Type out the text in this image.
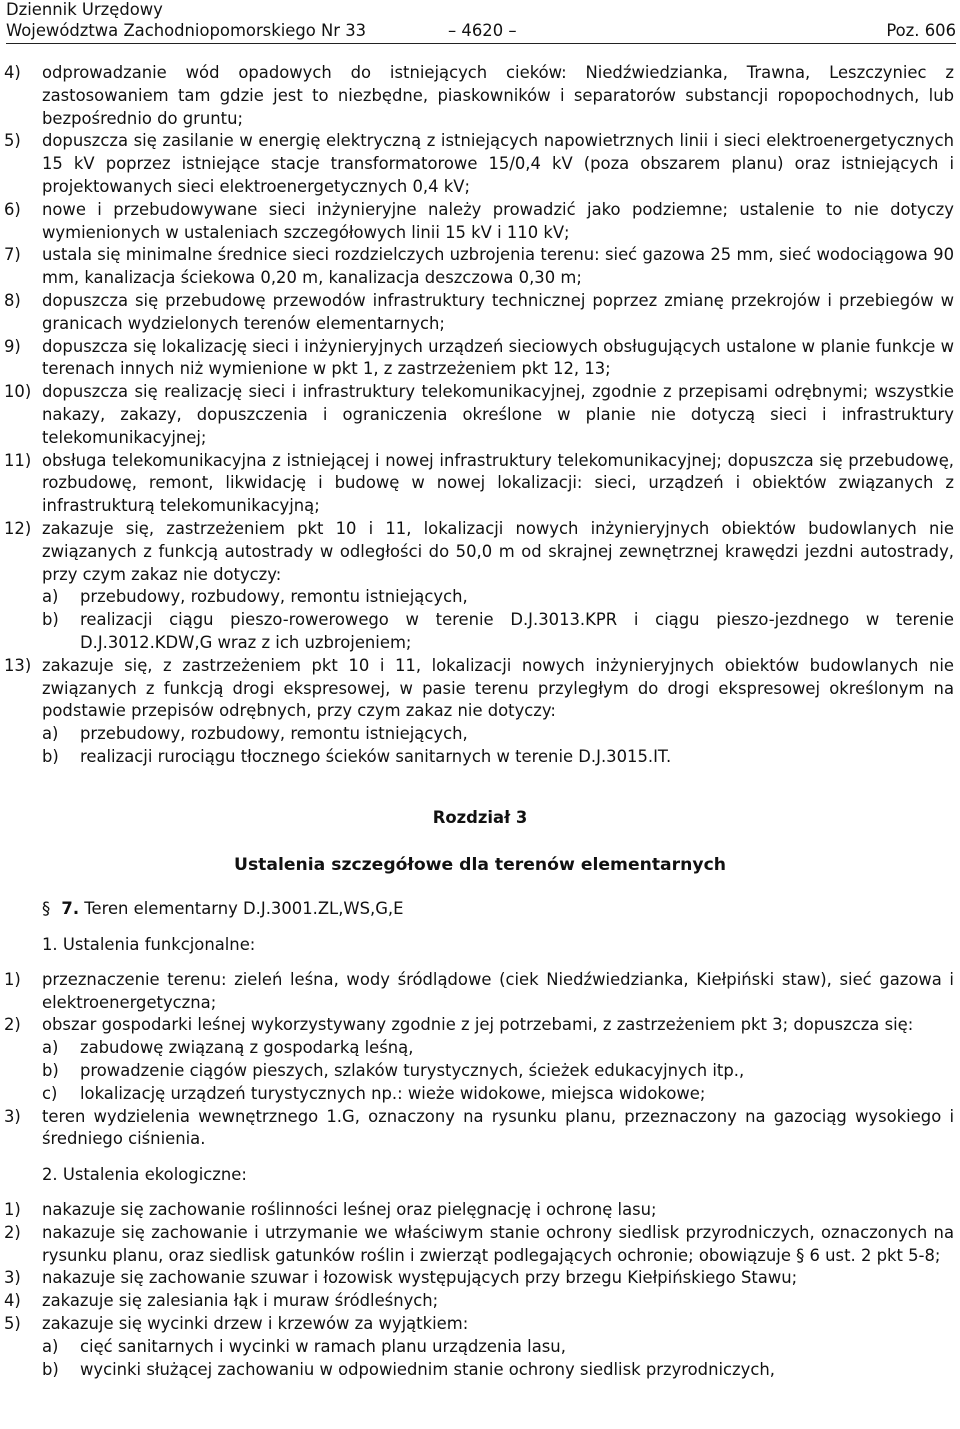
Dziennik Urzędowy
Województwa Zachodniopomorskiego Nr 33	– 4620 –	Poz. 606
4) odprowadzanie wód opadowych do istniejących cieków: Niedźwiedzianka, Trawna, Leszczyniec z zastosowaniem tam gdzie jest to niezbędne, piaskowników i separatorów substancji ropopochodnych, lub bezpośrednio do gruntu;
5) dopuszcza się zasilanie w energię elektryczną z istniejących napowietrznych linii i sieci elektroenergetycznych 15 kV poprzez istniejące stacje transformatorowe 15/0,4 kV (poza obszarem planu) oraz istniejących i projektowanych sieci elektroenergetycznych 0,4 kV;
6) nowe i przebudowywane sieci inżynieryjne należy prowadzić jako podziemne; ustalenie to nie dotyczy wymienionych w ustaleniach szczegółowych linii 15 kV i 110 kV;
7) ustala się minimalne średnice sieci rozdzielczych uzbrojenia terenu: sieć gazowa 25 mm, sieć wodociągowa 90 mm, kanalizacja ściekowa 0,20 m, kanalizacja deszczowa 0,30 m;
8) dopuszcza się przebudowę przewodów infrastruktury technicznej poprzez zmianę przekrojów i przebiegów w granicach wydzielonych terenów elementarnych;
9) dopuszcza się lokalizację sieci i inżynieryjnych urządzeń sieciowych obsługujących ustalone w planie funkcje w terenach innych niż wymienione w pkt 1, z zastrzeżeniem pkt 12, 13;
10) dopuszcza się realizację sieci i infrastruktury telekomunikacyjnej, zgodnie z przepisami odrębnymi; wszystkie nakazy, zakazy, dopuszczenia i ograniczenia określone w planie nie dotyczą sieci i infrastruktury telekomunikacyjnej;
11) obsługa telekomunikacyjna z istniejącej i nowej infrastruktury telekomunikacyjnej; dopuszcza się przebudowę, rozbudowę, remont, likwidację i budowę w nowej lokalizacji: sieci, urządzeń i obiektów związanych z infrastrukturą telekomunikacyjną;
12) zakazuje się, zastrzeżeniem pkt 10 i 11, lokalizacji nowych inżynieryjnych obiektów budowlanych nie związanych z funkcją autostrady w odległości do 50,0 m od skrajnej zewnętrznej krawędzi jezdni autostrady, przy czym zakaz nie dotyczy:
a) przebudowy, rozbudowy, remontu istniejących,
b) realizacji ciągu pieszo-rowerowego w terenie D.J.3013.KPR i ciągu pieszo-jezdnego w terenie D.J.3012.KDW,G wraz z ich uzbrojeniem;
13) zakazuje się, z zastrzeżeniem pkt 10 i 11, lokalizacji nowych inżynieryjnych obiektów budowlanych nie związanych z funkcją drogi ekspresowej, w pasie terenu przyległym do drogi ekspresowej określonym na podstawie przepisów odrębnych, przy czym zakaz nie dotyczy:
a) przebudowy, rozbudowy, remontu istniejących,
b) realizacji rurociągu tłocznego ścieków sanitarnych w terenie D.J.3015.IT.
Rozdział 3
Ustalenia szczegółowe dla terenów elementarnych
§ 7. Teren elementarny D.J.3001.ZL,WS,G,E
1. Ustalenia funkcjonalne:
1) przeznaczenie terenu: zieleń leśna, wody śródlądowe (ciek Niedźwiedzianka, Kiełpiński staw), sieć gazowa i elektroenergetyczna;
2) obszar gospodarki leśnej wykorzystywany zgodnie z jej potrzebami, z zastrzeżeniem pkt 3; dopuszcza się:
a) zabudowę związaną z gospodarką leśną,
b) prowadzenie ciągów pieszych, szlaków turystycznych, ścieżek edukacyjnych itp.,
c) lokalizację urządzeń turystycznych np.: wieże widokowe, miejsca widokowe;
3) teren wydzielenia wewnętrznego 1.G, oznaczony na rysunku planu, przeznaczony na gazociąg wysokiego i średniego ciśnienia.
2. Ustalenia ekologiczne:
1) nakazuje się zachowanie roślinności leśnej oraz pielęgnację i ochronę lasu;
2) nakazuje się zachowanie i utrzymanie we właściwym stanie ochrony siedlisk przyrodniczych, oznaczonych na rysunku planu, oraz siedlisk gatunków roślin i zwierząt podlegających ochronie; obowiązuje § 6 ust. 2 pkt 5-8;
3) nakazuje się zachowanie szuwar i łozowisk występujących przy brzegu Kiełpińskiego Stawu;
4) zakazuje się zalesiania łąk i muraw śródleśnych;
5) zakazuje się wycinki drzew i krzewów za wyjątkiem:
a) cięć sanitarnych i wycinki w ramach planu urządzenia lasu,
b) wycinki służącej zachowaniu w odpowiednim stanie ochrony siedlisk przyrodniczych,
